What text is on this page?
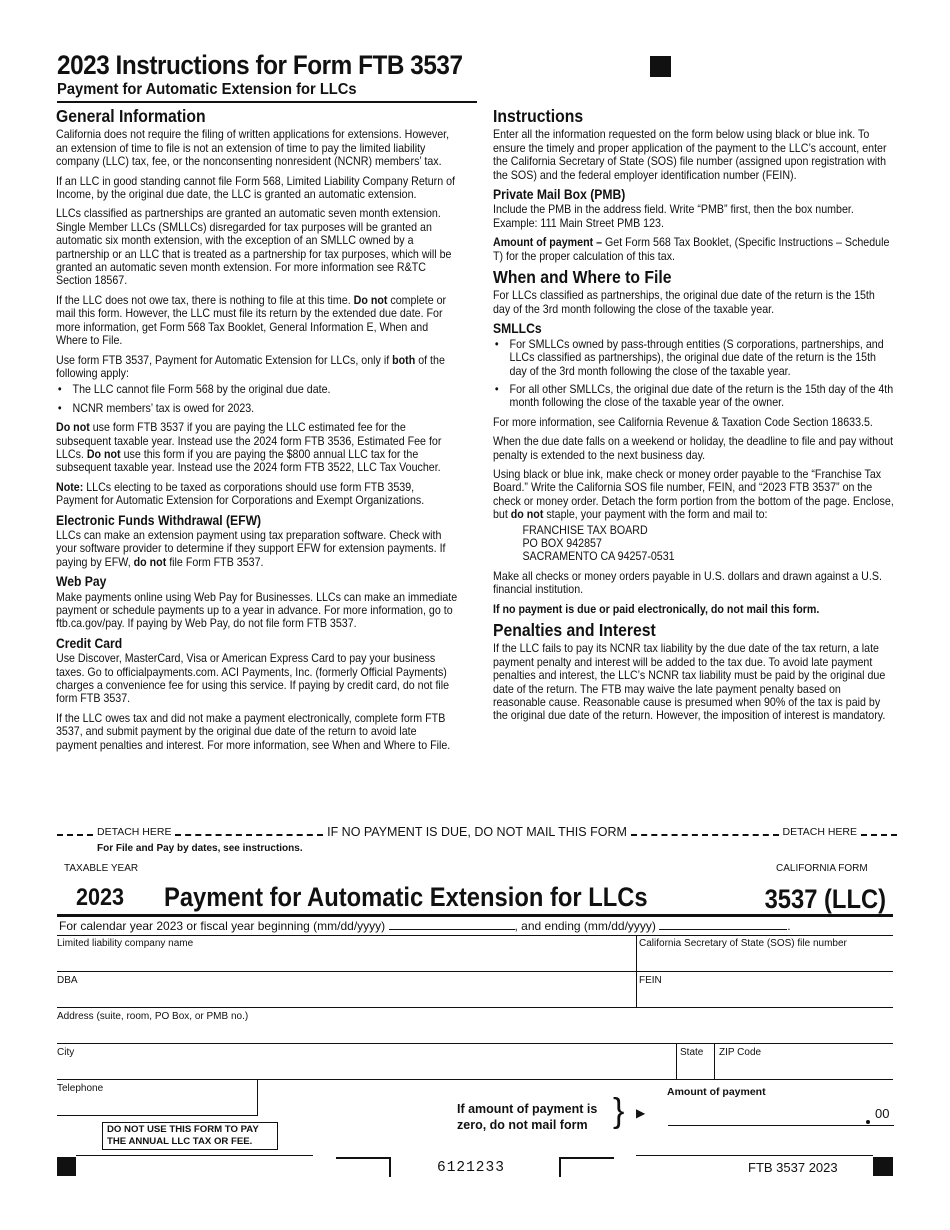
2023 Instructions for Form FTB 3537
Payment for Automatic Extension for LLCs
General Information

California does not require the filing of written applications for extensions. However, an extension of time to file is not an extension of time to pay the limited liability company (LLC) tax, fee, or the nonconsenting nonresident (NCNR) members’ tax.

If an LLC in good standing cannot file Form 568, Limited Liability Company Return of Income, by the original due date, the LLC is granted an automatic extension.

LLCs classified as partnerships are granted an automatic seven month extension. Single Member LLCs (SMLLCs) disregarded for tax purposes will be granted an automatic six month extension, with the exception of an SMLLC owned by a partnership or an LLC that is treated as a partnership for tax purposes, which will be granted an automatic seven month extension. For more information see R&TC Section 18567.

If the LLC does not owe tax, there is nothing to file at this time. Do not complete or mail this form. However, the LLC must file its return by the extended due date. For more information, get Form 568 Tax Booklet, General Information E, When and Where to File.

Use form FTB 3537, Payment for Automatic Extension for LLCs, only if both of the following apply:

• The LLC cannot file Form 568 by the original due date.
• NCNR members’ tax is owed for 2023.

Do not use form FTB 3537 if you are paying the LLC estimated fee for the subsequent taxable year. Instead use the 2024 form FTB 3536, Estimated Fee for LLCs. Do not use this form if you are paying the $800 annual LLC tax for the subsequent taxable year. Instead use the 2024 form FTB 3522, LLC Tax Voucher.

Note: LLCs electing to be taxed as corporations should use form FTB 3539, Payment for Automatic Extension for Corporations and Exempt Organizations.

Electronic Funds Withdrawal (EFW)

LLCs can make an extension payment using tax preparation software. Check with your software provider to determine if they support EFW for extension payments. If paying by EFW, do not file Form FTB 3537.

Web Pay

Make payments online using Web Pay for Businesses. LLCs can make an immediate payment or schedule payments up to a year in advance. For more information, go to ftb.ca.gov/pay. If paying by Web Pay, do not file form FTB 3537.

Credit Card

Use Discover, MasterCard, Visa or American Express Card to pay your business taxes. Go to officialpayments.com. ACI Payments, Inc. (formerly Official Payments) charges a convenience fee for using this service. If paying by credit card, do not file form FTB 3537.

If the LLC owes tax and did not make a payment electronically, complete form FTB 3537, and submit payment by the original due date of the return to avoid late payment penalties and interest. For more information, see When and Where to File.

Instructions

Enter all the information requested on the form below using black or blue ink. To ensure the timely and proper application of the payment to the LLC’s account, enter the California Secretary of State (SOS) file number (assigned upon registration with the SOS) and the federal employer identification number (FEIN).

Private Mail Box (PMB)

Include the PMB in the address field. Write “PMB” first, then the box number. Example: 111 Main Street PMB 123.

Amount of payment – Get Form 568 Tax Booklet, (Specific Instructions – Schedule T) for the proper calculation of this tax.

When and Where to File

For LLCs classified as partnerships, the original due date of the return is the 15th day of the 3rd month following the close of the taxable year.

SMLLCs
• For SMLLCs owned by pass-through entities (S corporations, partnerships, and LLCs classified as partnerships), the original due date of the return is the 15th day of the 3rd month following the close of the taxable year.
• For all other SMLLCs, the original due date of the return is the 15th day of the 4th month following the close of the taxable year of the owner.

For more information, see California Revenue & Taxation Code Section 18633.5.

When the due date falls on a weekend or holiday, the deadline to file and pay without penalty is extended to the next business day.

Using black or blue ink, make check or money order payable to the “Franchise Tax Board.” Write the California SOS file number, FEIN, and “2023 FTB 3537” on the check or money order. Detach the form portion from the bottom of the page. Enclose, but do not staple, your payment with the form and mail to:

FRANCHISE TAX BOARD
PO BOX 942857
SACRAMENTO CA 94257-0531

Make all checks or money orders payable in U.S. dollars and drawn against a U.S. financial institution.

If no payment is due or paid electronically, do not mail this form.

Penalties and Interest

If the LLC fails to pay its NCNR tax liability by the due date of the tax return, a late payment penalty and interest will be added to the tax due. To avoid late payment penalties and interest, the LLC’s NCNR tax liability must be paid by the original due date of the return. The FTB may waive the late payment penalty based on reasonable cause. Reasonable cause is presumed when 90% of the tax is paid by the original due date of the return. However, the imposition of interest is mandatory.

DETACH HERE	IF NO PAYMENT IS DUE, DO NOT MAIL THIS FORM	DETACH HERE
For File and Pay by dates, see instructions.
TAXABLE YEAR	CALIFORNIA FORM
2023 Payment for Automatic Extension for LLCs	3537 (LLC)
For calendar year 2023 or fiscal year beginning (mm/dd/yyyy)	, and ending (mm/dd/yyyy)	.
Limited liability company name	California Secretary of State (SOS) file number
DBA	FEIN
Address (suite, room, PO Box, or PMB no.)
City	State ZIP Code
Telephone
DO NOT USE THIS FORM TO PAY
THE ANNUAL LLC TAX OR FEE.
If amount of payment is
zero, do not mail form } ▶
Amount of payment
00
6121233	FTB 3537 2023
